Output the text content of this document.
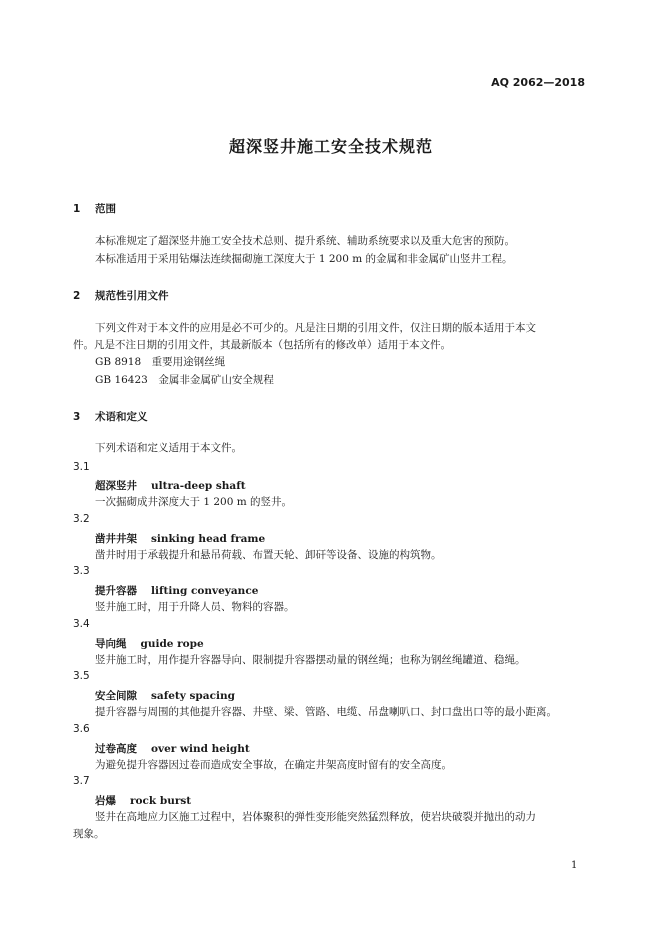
AQ 2062—2018
超深竖井施工安全技术规范
1 范围
本标准规定了超深竖井施工安全技术总则、提升系统、辅助系统要求以及重大危害的预防。
本标准适用于采用钻爆法连续掘砌施工深度大于 1 200 m 的金属和非金属矿山竖井工程。
2 规范性引用文件
下列文件对于本文件的应用是必不可少的。凡是注日期的引用文件，仅注日期的版本适用于本文
件。凡是不注日期的引用文件，其最新版本（包括所有的修改单）适用于本文件。
GB 8918　重要用途钢丝绳
GB 16423　金属非金属矿山安全规程
3 术语和定义
下列术语和定义适用于本文件。
3.1
超深竖井 ultra-deep shaft
一次掘砌成井深度大于 1 200 m 的竖井。
3.2
凿井井架 sinking head frame
凿井时用于承载提升和悬吊荷载、布置天轮、卸矸等设备、设施的构筑物。
3.3
提升容器 lifting conveyance
竖井施工时，用于升降人员、物料的容器。
3.4
导向绳 guide rope
竖井施工时，用作提升容器导向、限制提升容器摆动量的钢丝绳；也称为钢丝绳罐道、稳绳。
3.5
安全间隙 safety spacing
提升容器与周围的其他提升容器、井壁、梁、管路、电缆、吊盘喇叭口、封口盘出口等的最小距离。
3.6
过卷高度 over wind height
为避免提升容器因过卷而造成安全事故，在确定井架高度时留有的安全高度。
3.7
岩爆 rock burst
竖井在高地应力区施工过程中，岩体聚积的弹性变形能突然猛烈释放，使岩块破裂并抛出的动力
现象。
1
